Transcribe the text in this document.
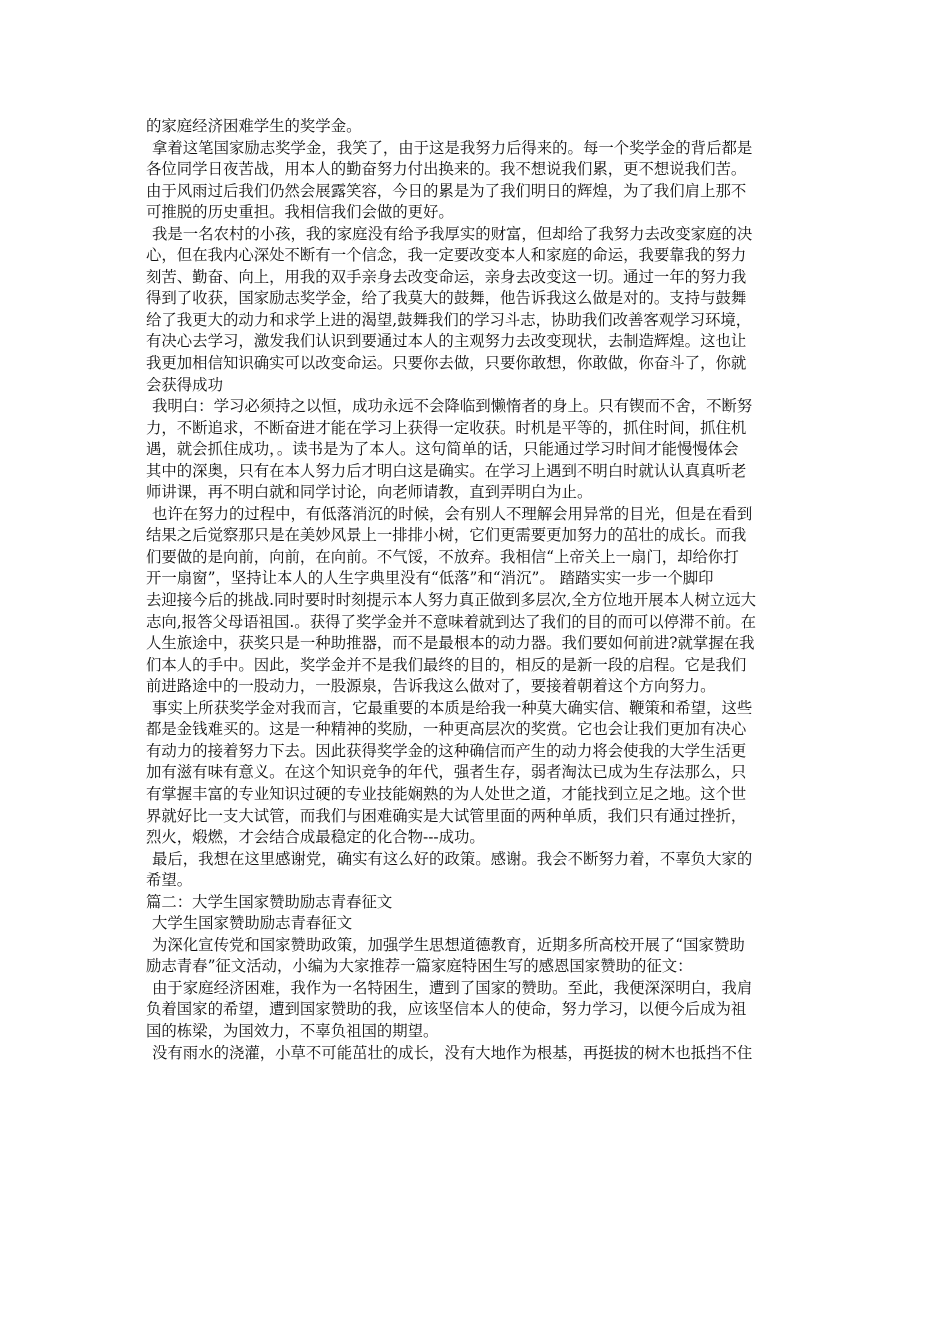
的家庭经济困难学生的奖学金。
拿着这笔国家励志奖学金，我笑了，由于这是我努力后得来的。每一个奖学金的背后都是
各位同学日夜苦战，用本人的勤奋努力付出换来的。我不想说我们累，更不想说我们苦。
由于风雨过后我们仍然会展露笑容，今日的累是为了我们明日的辉煌，为了我们肩上那不
可推脱的历史重担。我相信我们会做的更好。
我是一名农村的小孩，我的家庭没有给予我厚实的财富，但却给了我努力去改变家庭的决
心，但在我内心深处不断有一个信念，我一定要改变本人和家庭的命运，我要靠我的努力
刻苦、勤奋、向上，用我的双手亲身去改变命运，亲身去改变这一切。通过一年的努力我
得到了收获，国家励志奖学金，给了我莫大的鼓舞，他告诉我这么做是对的。支持与鼓舞
给了我更大的动力和求学上进的渴望,鼓舞我们的学习斗志，协助我们改善客观学习环境，
有决心去学习，激发我们认识到要通过本人的主观努力去改变现状，去制造辉煌。这也让
我更加相信知识确实可以改变命运。只要你去做，只要你敢想，你敢做，你奋斗了，你就
会获得成功
我明白：学习必须持之以恒，成功永远不会降临到懒惰者的身上。只有锲而不舍，不断努
力，不断追求，不断奋进才能在学习上获得一定收获。时机是平等的，抓住时间，抓住机
遇，就会抓住成功，。读书是为了本人。这句简单的话，只能通过学习时间才能慢慢体会
其中的深奥，只有在本人努力后才明白这是确实。在学习上遇到不明白时就认认真真听老
师讲课，再不明白就和同学讨论，向老师请教，直到弄明白为止。
也许在努力的过程中，有低落消沉的时候，会有别人不理解会用异常的目光，但是在看到
结果之后觉察那只是在美妙风景上一排排小树，它们更需要更加努力的茁壮的成长。而我
们要做的是向前，向前，在向前。不气馁，不放弃。我相信“上帝关上一扇门，却给你打
开一扇窗”，坚持让本人的人生字典里没有“低落”和“消沉”。 踏踏实实一步一个脚印
去迎接今后的挑战.同时要时时刻提示本人努力真正做到多层次,全方位地开展本人树立远大
志向,报答父母语祖国.。获得了奖学金并不意味着就到达了我们的目的而可以停滞不前。在
人生旅途中，获奖只是一种助推器，而不是最根本的动力器。我们要如何前进?就掌握在我
们本人的手中。因此，奖学金并不是我们最终的目的，相反的是新一段的启程。它是我们
前进路途中的一股动力，一股源泉，告诉我这么做对了，要接着朝着这个方向努力。
事实上所获奖学金对我而言，它最重要的本质是给我一种莫大确实信、鞭策和希望，这些
都是金钱难买的。这是一种精神的奖励，一种更高层次的奖赏。它也会让我们更加有决心
有动力的接着努力下去。因此获得奖学金的这种确信而产生的动力将会使我的大学生活更
加有滋有味有意义。在这个知识竞争的年代，强者生存，弱者淘汰已成为生存法那么，只
有掌握丰富的专业知识过硬的专业技能娴熟的为人处世之道，才能找到立足之地。这个世
界就好比一支大试管，而我们与困难确实是大试管里面的两种单质，我们只有通过挫折，
烈火，煅燃，才会结合成最稳定的化合物---成功。
最后，我想在这里感谢党，确实有这么好的政策。感谢。我会不断努力着，不辜负大家的
希望。
篇二：大学生国家赞助励志青春征文
大学生国家赞助励志青春征文
为深化宣传党和国家赞助政策，加强学生思想道德教育，近期多所高校开展了“国家赞助
励志青春”征文活动，小编为大家推荐一篇家庭特困生写的感恩国家赞助的征文：
由于家庭经济困难，我作为一名特困生，遭到了国家的赞助。至此，我便深深明白，我肩
负着国家的希望，遭到国家赞助的我，应该坚信本人的使命，努力学习，以便今后成为祖
国的栋梁，为国效力，不辜负祖国的期望。
没有雨水的浇灌，小草不可能茁壮的成长，没有大地作为根基，再挺拔的树木也抵挡不住
